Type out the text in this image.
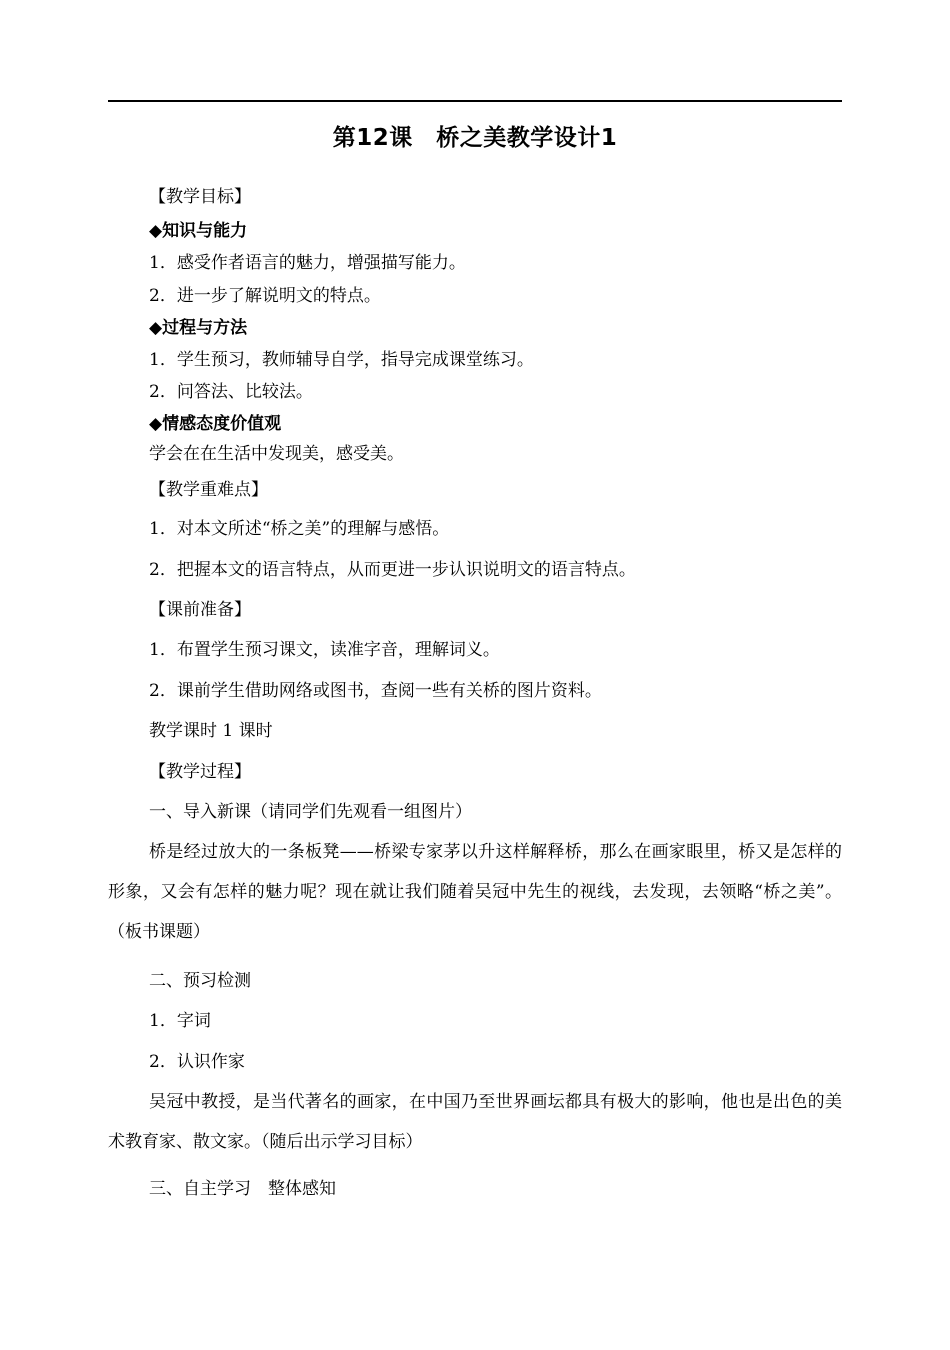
第12课　桥之美教学设计1
【教学目标】
◆知识与能力
1．感受作者语言的魅力，增强描写能力。
2．进一步了解说明文的特点。
◆过程与方法
1．学生预习，教师辅导自学，指导完成课堂练习。
2．问答法、比较法。
◆情感态度价值观
学会在在生活中发现美，感受美。
【教学重难点】
1．对本文所述“桥之美”的理解与感悟。
2．把握本文的语言特点，从而更进一步认识说明文的语言特点。
【课前准备】
1．布置学生预习课文，读准字音，理解词义。
2．课前学生借助网络或图书，查阅一些有关桥的图片资料。
教学课时 1 课时
【教学过程】
一、导入新课（请同学们先观看一组图片）
桥是经过放大的一条板凳——桥梁专家茅以升这样解释桥，那么在画家眼里，桥又是怎样的形象，又会有怎样的魅力呢？现在就让我们随着吴冠中先生的视线，去发现，去领略“桥之美”。（板书课题）
二、预习检测
1．字词
2．认识作家
吴冠中教授，是当代著名的画家，在中国乃至世界画坛都具有极大的影响，他也是出色的美术教育家、散文家。（随后出示学习目标）
三、自主学习　整体感知
